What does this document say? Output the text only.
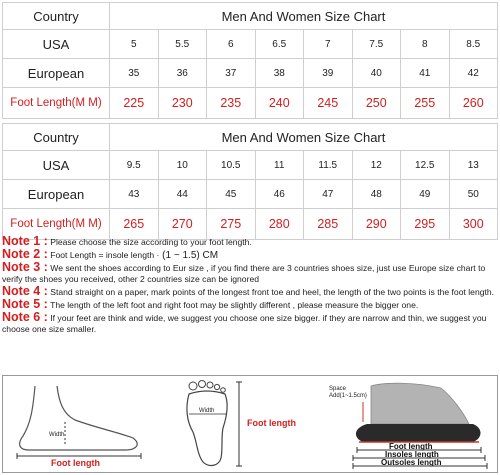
Country	Men And Women Size Chart							
USA	5	5.5	6	6.5	7	7.5	8	8.5
European	35	36	37	38	39	40	41	42
Foot Length(M M)	225	230	235	240	245	250	255	260
Country	Men And Women Size Chart							
USA	9.5	10	10.5	11	11.5	12	12.5	13
European	43	44	45	46	47	48	49	50
Foot Length(M M)	265	270	275	280	285	290	295	300
Note 1 : Please choose the size according to your foot length.
Note 2 : Foot Length = insole length · (1 ~ 1.5) CM
Note 3 : We sent the shoes according to Eur size , if you find there are 3 countries shoes size, just use Europe size chart to verify the shoes you received, other 2 countries size can be ignored
Note 4 : Stand straight on a paper, mark points of the longest front toe and heel, the length of the two points is the foot length.
Note 5 : The length of the left foot and right foot may be slightly different , please measure the bigger one.
Note 6 : If your feet are think and wide, we suggest you choose one size bigger. if they are narrow and thin, we suggest you choose one size smaller.
Width
Foot length
Width
Foot length
Space
Add(1~1.5cm)
Foot length
Insoles length
Outsoles length
